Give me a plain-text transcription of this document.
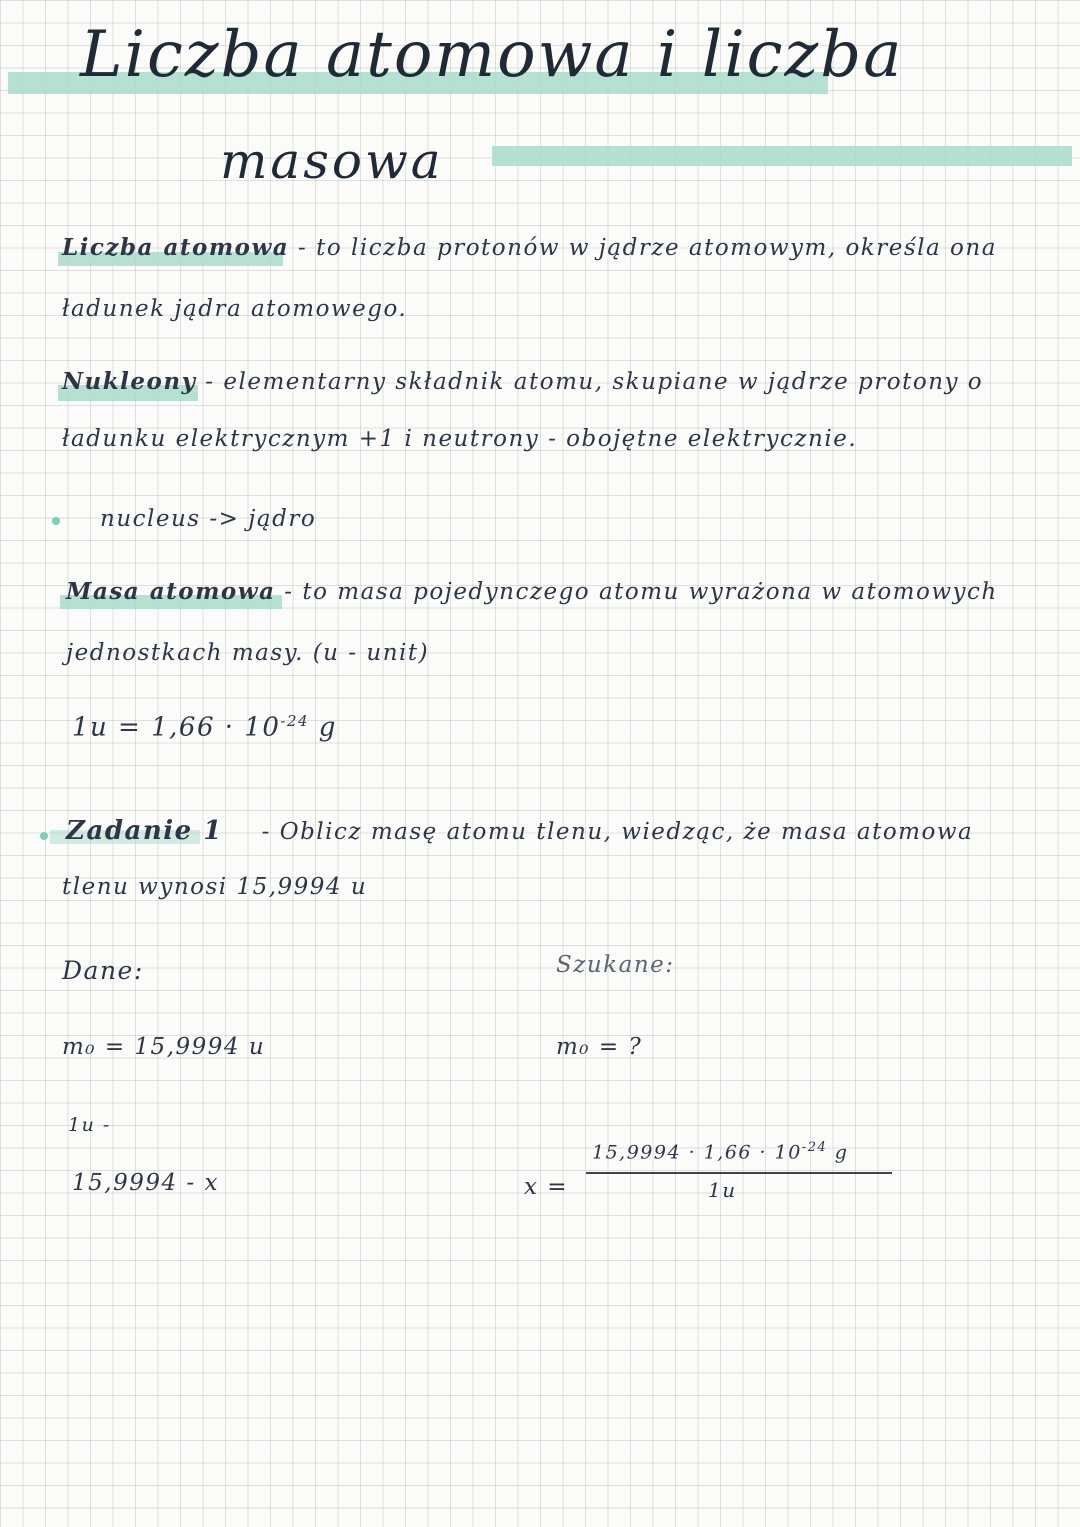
Liczba atomowa i liczba
masowa
Liczba atomowa - to liczba protonów w jądrze atomowym, określa ona
ładunek jądra atomowego.
Nukleony - elementarny składnik atomu, skupiane w jądrze protony o
ładunku elektrycznym +1 i neutrony - obojętne elektrycznie.
nucleus -> jądro
Masa atomowa - to masa pojedynczego atomu wyrażona w atomowych
jednostkach masy. (u - unit)
$1u = 1,66 \cdot 10^{-24}$ g
Zadanie 1 - Oblicz masę atomu tlenu, wiedząc, że masa atomowa
tlenu wynosi 15,9994 u
Dane:	Szukane:
m₀ = 15,9994 u	m₀ = ?
1u -
15,9994 - x	x =
$15,9994 \cdot 1,66 \cdot 10^{-24}$ g
1u
